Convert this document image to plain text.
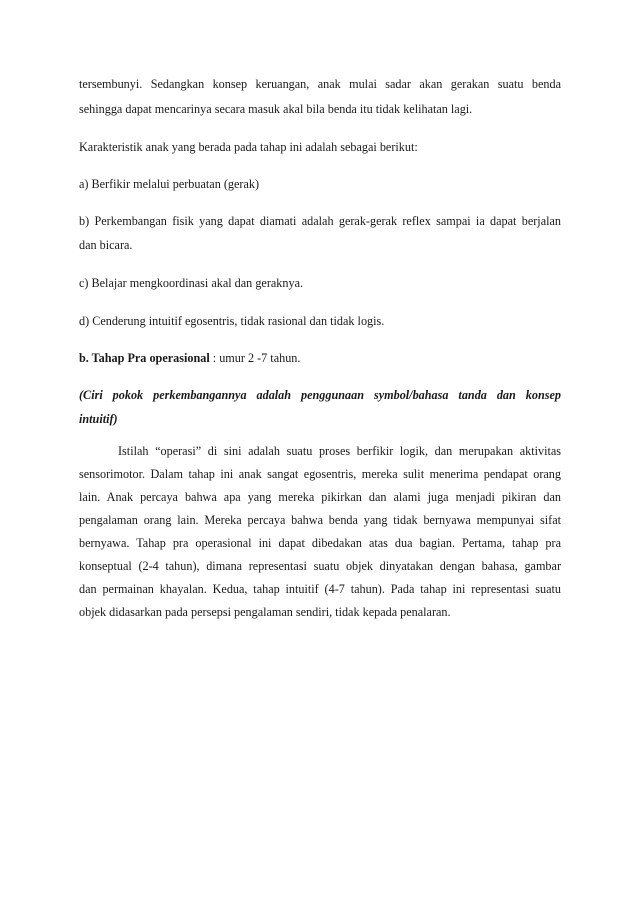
tersembunyi. Sedangkan konsep keruangan, anak mulai sadar akan gerakan suatu benda
sehingga dapat mencarinya secara masuk akal bila benda itu tidak kelihatan lagi.
Karakteristik anak yang berada pada tahap ini adalah sebagai berikut:
a) Berfikir melalui perbuatan (gerak)
b) Perkembangan fisik yang dapat diamati adalah gerak-gerak reflex sampai ia dapat berjalan
dan bicara.
c) Belajar mengkoordinasi akal dan geraknya.
d) Cenderung intuitif egosentris, tidak rasional dan tidak logis.
b. Tahap Pra operasional : umur 2 -7 tahun.
(Ciri pokok perkembangannya adalah penggunaan symbol/bahasa tanda dan konsep
intuitif)
Istilah “operasi” di sini adalah suatu proses berfikir logik, dan merupakan aktivitas
sensorimotor. Dalam tahap ini anak sangat egosentris, mereka sulit menerima pendapat orang
lain. Anak percaya bahwa apa yang mereka pikirkan dan alami juga menjadi pikiran dan
pengalaman orang lain. Mereka percaya bahwa benda yang tidak bernyawa mempunyai sifat
bernyawa. Tahap pra operasional ini dapat dibedakan atas dua bagian. Pertama, tahap pra
konseptual (2-4 tahun), dimana representasi suatu objek dinyatakan dengan bahasa, gambar
dan permainan khayalan. Kedua, tahap intuitif (4-7 tahun). Pada tahap ini representasi suatu
objek didasarkan pada persepsi pengalaman sendiri, tidak kepada penalaran.
